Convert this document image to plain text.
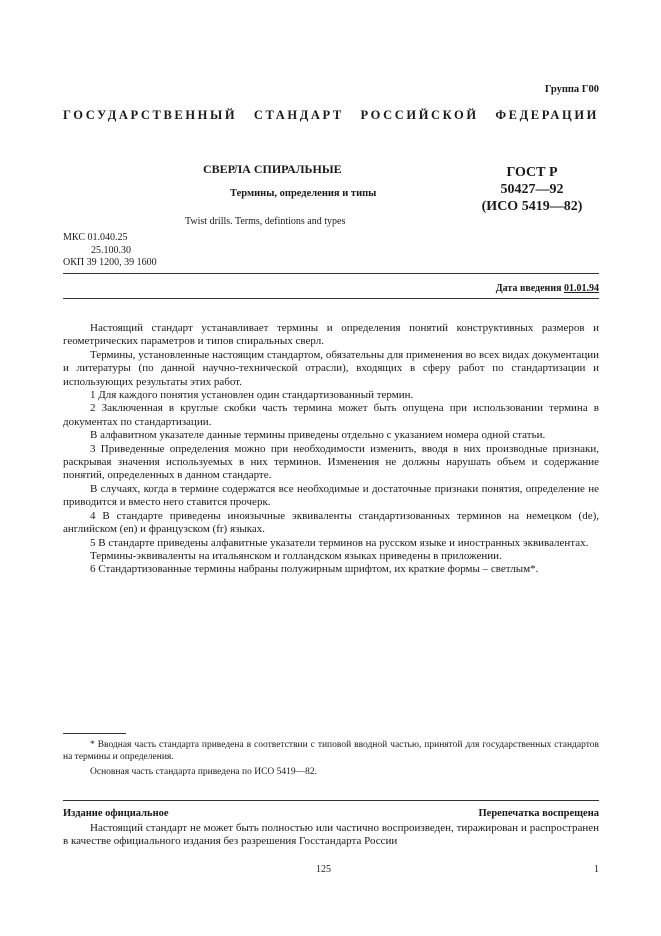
Группа Г00
ГОСУДАРСТВЕННЫЙ СТАНДАРТ РОССИЙСКОЙ ФЕДЕРАЦИИ
СВЕРЛА СПИРАЛЬНЫЕ
Термины, определения и типы
Twist drills. Terms, defintions and types
ГОСТ Р
50427—92
(ИСО 5419—82)
МКС 01.040.25
25.100.30
ОКП 39 1200, 39 1600
Дата введения 01.01.94

Настоящий стандарт устанавливает термины и определения понятий конструктивных размеров и геометрических параметров и типов спиральных сверл.

Термины, установленные настоящим стандартом, обязательны для применения во всех видах документации и литературы (по данной научно-технической отрасли), входящих в сферу работ по стандартизации и использующих результаты этих работ.

1 Для каждого понятия установлен один стандартизованный термин.

2 Заключенная в круглые скобки часть термина может быть опущена при использовании термина в документах по стандартизации.

В алфавитном указателе данные термины приведены отдельно с указанием номера одной статьи.

3 Приведенные определения можно при необходимости изменить, вводя в них производные признаки, раскрывая значения используемых в них терминов. Изменения не должны нарушать объем и содержание понятий, определенных в данном стандарте.

В случаях, когда в термине содержатся все необходимые и достаточные признаки понятия, определение не приводится и вместо него ставится прочерк.

4 В стандарте приведены иноязычные эквиваленты стандартизованных терминов на немецком (de), английском (en) и французском (fr) языках.

5 В стандарте приведены алфавитные указатели терминов на русском языке и иностранных эквивалентах.

Термины-эквиваленты на итальянском и голландском языках приведены в приложении.

6 Стандартизованные термины набраны полужирным шрифтом, их краткие формы – светлым*.

* Вводная часть стандарта приведена в соответствии с типовой вводной частью, принятой для государственных стандартов на термины и определения.

Основная часть стандарта приведена по ИСО 5419—82.

Издание официальное	Перепечатка воспрещена

Настоящий стандарт не может быть полностью или частично воспроизведен, тиражирован и распространен в качестве официального издания без разрешения Госстандарта России

125	1
